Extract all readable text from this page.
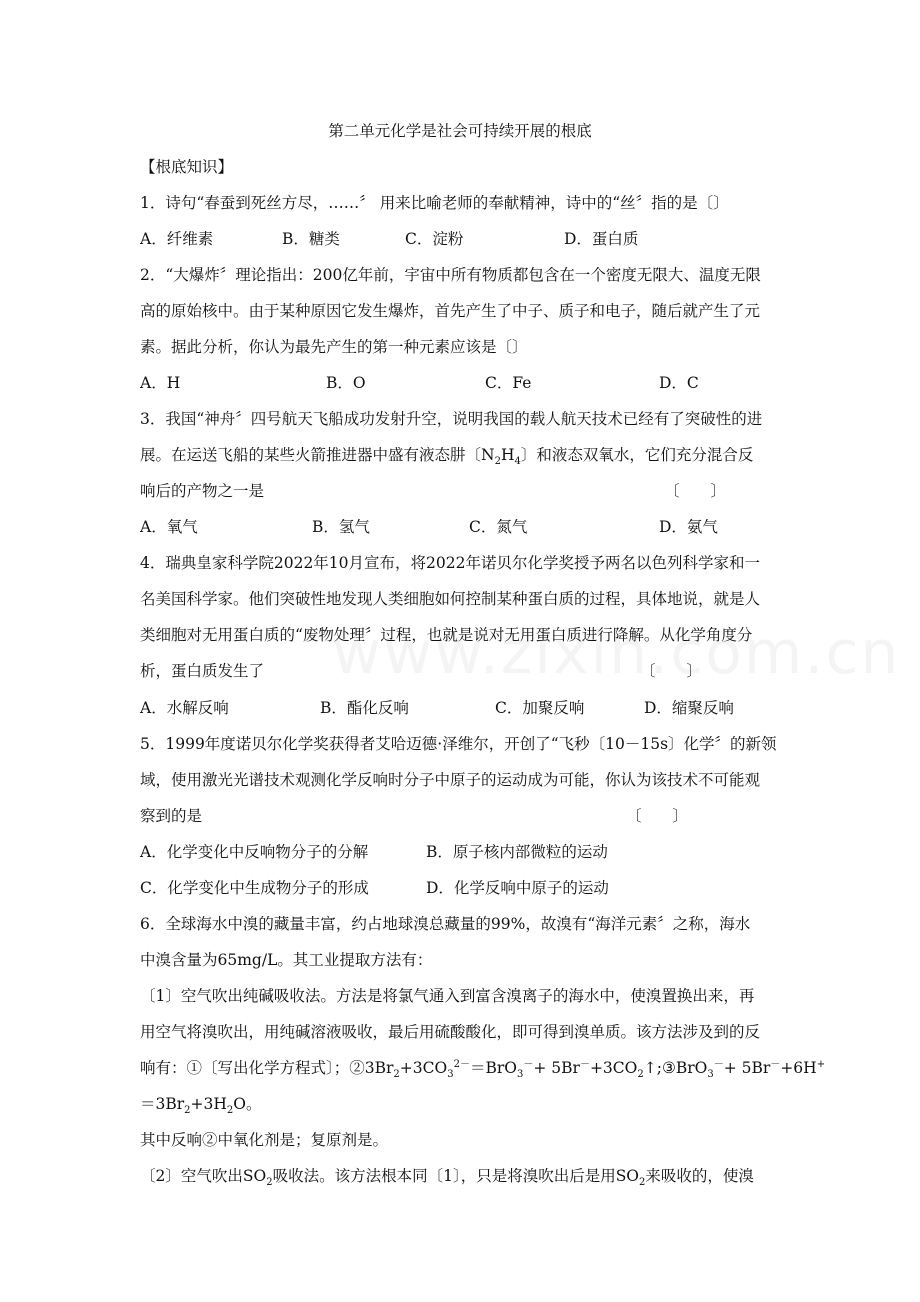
第二单元化学是社会可持续开展的根底
【根底知识】
1．诗句“春蚕到死丝方尽，……〞 用来比喻老师的奉献精神，诗中的“丝〞指的是〔〕
A．纤维素	B．糖类	C．淀粉	D．蛋白质
2．“大爆炸〞理论指出：200亿年前，宇宙中所有物质都包含在一个密度无限大、温度无限
高的原始核中。由于某种原因它发生爆炸，首先产生了中子、质子和电子，随后就产生了元
素。据此分析，你认为最先产生的第一种元素应该是〔〕
A．H	B．O	C．Fe	D．C
3．我国“神舟〞四号航天飞船成功发射升空，说明我国的载人航天技术已经有了突破性的进
展。在运送飞船的某些火箭推进器中盛有液态肼〔$N_2H_4$〕和液态双氧水，它们充分混合反
响后的产物之一是	〔　　〕
A．氧气	B．氢气	C．氮气	D．氨气
4．瑞典皇家科学院2022年10月宣布，将2022年诺贝尔化学奖授予两名以色列科学家和一
名美国科学家。他们突破性地发现人类细胞如何控制某种蛋白质的过程，具体地说，就是人
类细胞对无用蛋白质的“废物处理〞过程，也就是说对无用蛋白质进行降解。从化学角度分
析，蛋白质发生了	〔　　〕
A．水解反响	B．酯化反响	C．加聚反响	D．缩聚反响
5．1999年度诺贝尔化学奖获得者艾哈迈德·泽维尔，开创了“飞秒〔10－15s〕化学〞的新领
域，使用激光光谱技术观测化学反响时分子中原子的运动成为可能，你认为该技术不可能观
察到的是	〔　　〕
A．化学变化中反响物分子的分解	B．原子核内部微粒的运动
C．化学变化中生成物分子的形成	D．化学反响中原子的运动
6．全球海水中溴的藏量丰富，约占地球溴总藏量的99%，故溴有“海洋元素〞之称，海水
中溴含量为65mg/L。其工业提取方法有：
〔1〕空气吹出纯碱吸收法。方法是将氯气通入到富含溴离子的海水中，使溴置换出来，再
用空气将溴吹出，用纯碱溶液吸收，最后用硫酸酸化，即可得到溴单质。该方法涉及到的反
响有：①〔写出化学方程式〕；$②3Br_2+3CO_3^{2-}=BrO_3^-+$ $5Br^-+3CO_2↑;③BrO_3^-+ 5Br^-+6H^+$
$=3Br_2+3H_2O$。
其中反响②中氧化剂是；复原剂是。
〔2〕空气吹出$SO_2$吸收法。该方法根本同〔1〕，只是将溴吹出后是用$SO_2$来吸收的，使溴
